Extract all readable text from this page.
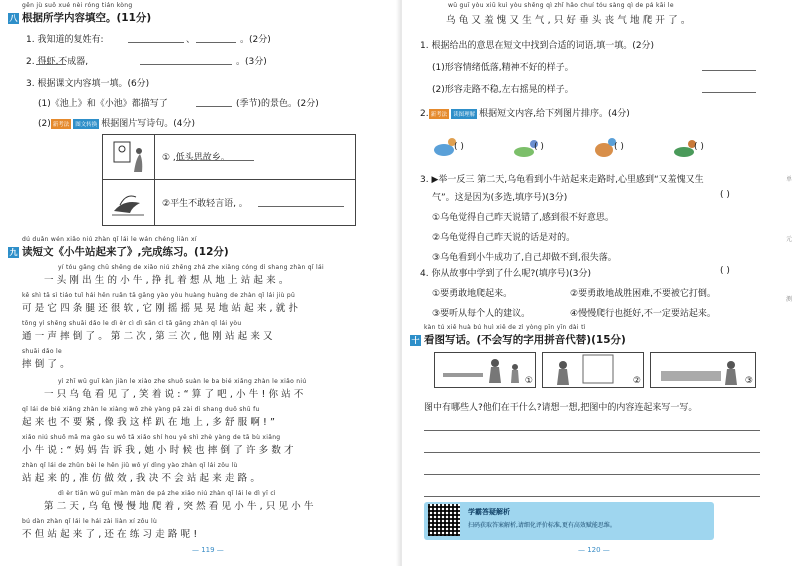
gēn jù suǒ xué nèi róng tián kòng
八 根据所学内容填空。(11分)
1. 我知道的复姓有:	、	。(2分)
2. 得虾,不成器,	。(3分)
3. 根据课文内容填一填。(6分)
(1)《池上》和《小池》都描写了	(季节)的景色。(2分)
(2) 新考法 图文转换 根据图片写诗句。(4分)
① ,低头思故乡。
②平生不敢轻言语, 。
dú duǎn wén xiǎo niú zhàn qǐ lái le wán chéng liàn xí
九 读短文《小牛站起来了》,完成练习。(12分)
yí tóu gāng chū shēng de xiǎo niú zhēng zhá zhe xiǎng cóng dì shang zhàn qǐ lái
一头刚出生的小牛,挣扎着想从地上站起来。
kě shì tā sì tiáo tuǐ hái hěn ruǎn tā gāng yào yòu huàng huàng de zhàn qǐ lái jiù pū
可是它四条腿还很软,它刚摇摇晃晃地站起来,就扑
tōng yì shēng shuāi dǎo le dì èr cì dì sān cì tā gāng zhàn qǐ lái yòu
通一声摔倒了。第二次,第三次,他刚站起来又
shuāi dǎo le
摔倒了。
yì zhī wū guī kàn jiàn le xiào zhe shuō suàn le ba bié xiǎng zhàn le xiǎo niú
一只乌龟看见了,笑着说:“算了吧,小牛!你站不
qǐ lái de bié xiǎng zhàn le xiàng wǒ zhè yàng pā zài dì shang duō shū fu
起来也不要紧,像我这样趴在地上,多舒服啊!”
xiǎo niú shuō mā ma gào su wǒ tā xiǎo shí hou yě shì zhè yàng de tā bù xiǎng
小牛说:“妈妈告诉我,她小时候也摔倒了许多数才
zhàn qǐ lái de zhǔn bèi le hěn jiǔ wǒ yí dìng yào zhàn qǐ lái zǒu lù
站起来的,准仿做效,我决不会站起来走路。
dì èr tiān wū guī màn màn de pá zhe xiǎo niú zhàn qǐ lái le dì yī cì
第二天,乌龟慢慢地爬着,突然看见小牛,只见小牛
bú dàn zhàn qǐ lái le hái zài liàn xí zǒu lù
不但站起来了,还在练习走路呢!
— 119 —
wū guī yòu xiū kuì yòu shēng qì zhǐ hǎo chuí tóu sàng qì de pá kāi le
乌龟又羞愧又生气,只好垂头丧气地爬开了。
1. 根据给出的意思在短文中找到合适的词语,填一填。(2分)
(1)形容情绪低落,精神不好的样子。
(2)形容走路不稳,左右摇晃的样子。
2. 新考法 读图理解 根据短文内容,给下列图片排序。(4分)
( )	( )	( )	( )
3. ▶举一反三 第二天,乌龟看到小牛站起来走路时,心里感到“又羞愧又生
气”。这是因为(多选,填序号)(3分)	( )
①乌龟觉得自己昨天说错了,感到很不好意思。
②乌龟觉得自己昨天说的话是对的。
③乌龟看到小牛成功了,自己却做不到,很失落。
4. 你从故事中学到了什么呢?(填序号)(3分)	( )
①要勇敢地爬起来。	②要勇敢地战胜困难,不要被它打倒。
③要听从每个人的建议。	④慢慢爬行也挺好,不一定要站起来。
kàn tú xiě huà bú huì xiě de zì yòng pīn yīn dài tì
十 看图写话。(不会写的字用拼音代替)(15分)
①	②	③
图中有哪些人?他们在干什么?请想一想,把图中的内容连起来写一写。
学霸答疑解析
扫码获取答案解析,请细化评价标准,更有高效赋能思维。
— 120 —
单
元
测
